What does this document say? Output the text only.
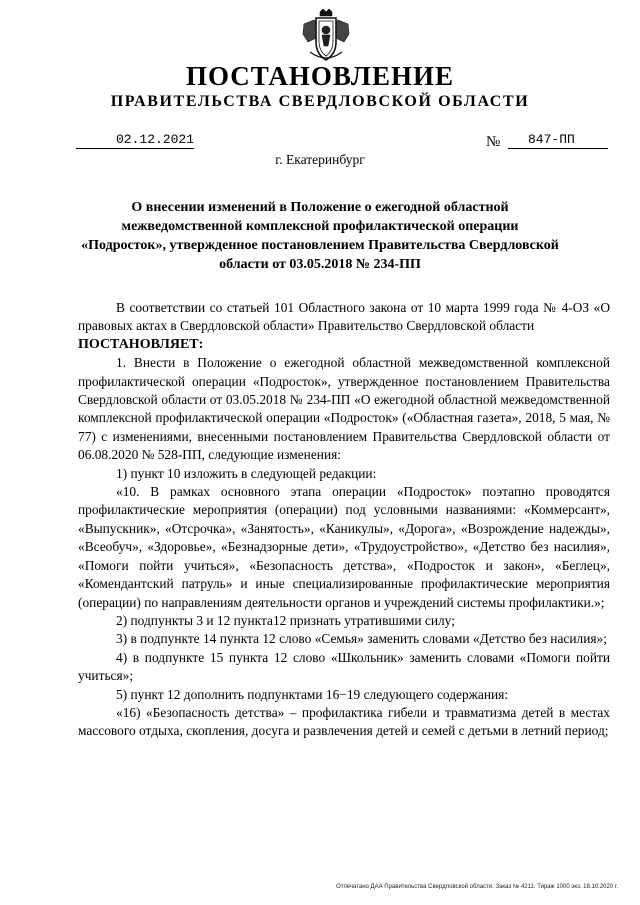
ПОСТАНОВЛЕНИЕ
ПРАВИТЕЛЬСТВА СВЕРДЛОВСКОЙ ОБЛАСТИ
02.12.2021	№	847-ПП
г. Екатеринбург
О внесении изменений в Положение о ежегодной областной межведомственной комплексной профилактической операции «Подросток», утвержденное постановлением Правительства Свердловской области от 03.05.2018 № 234-ПП

В соответствии со статьей 101 Областного закона от 10 марта 1999 года № 4-ОЗ «О правовых актах в Свердловской области» Правительство Свердловской области

ПОСТАНОВЛЯЕТ:

1. Внести в Положение о ежегодной областной межведомственной комплексной профилактической операции «Подросток», утвержденное постановлением Правительства Свердловской области от 03.05.2018 № 234-ПП «О ежегодной областной межведомственной комплексной профилактической операции «Подросток» («Областная газета», 2018, 5 мая, № 77) с изменениями, внесенными постановлением Правительства Свердловской области от 06.08.2020 № 528-ПП, следующие изменения:

1) пункт 10 изложить в следующей редакции:

«10. В рамках основного этапа операции «Подросток» поэтапно проводятся профилактические мероприятия (операции) под условными названиями: «Коммерсант», «Выпускник», «Отсрочка», «Занятость», «Каникулы», «Дорога», «Возрождение надежды», «Всеобуч», «Здоровье», «Безнадзорные дети», «Трудоустройство», «Детство без насилия», «Помоги пойти учиться», «Безопасность детства», «Подросток и закон», «Беглец», «Комендантский патруль» и иные специализированные профилактические мероприятия (операции) по направлениям деятельности органов и учреждений системы профилактики.»;

2) подпункты 3 и 12 пункта12 признать утратившими силу;

3) в подпункте 14 пункта 12 слово «Семья» заменить словами «Детство без насилия»;

4) в подпункте 15 пункта 12 слово «Школьник» заменить словами «Помоги пойти учиться»;

5) пункт 12 дополнить подпунктами 16−19 следующего содержания:

«16) «Безопасность детства» – профилактика гибели и травматизма детей в местах массового отдыха, скопления, досуга и развлечения детей и семей с детьми в летний период;

Отпечатано ДАА Правительства Свердловской области. Заказ № 4211. Тираж 1000 экз. 18.10.2020 г.
